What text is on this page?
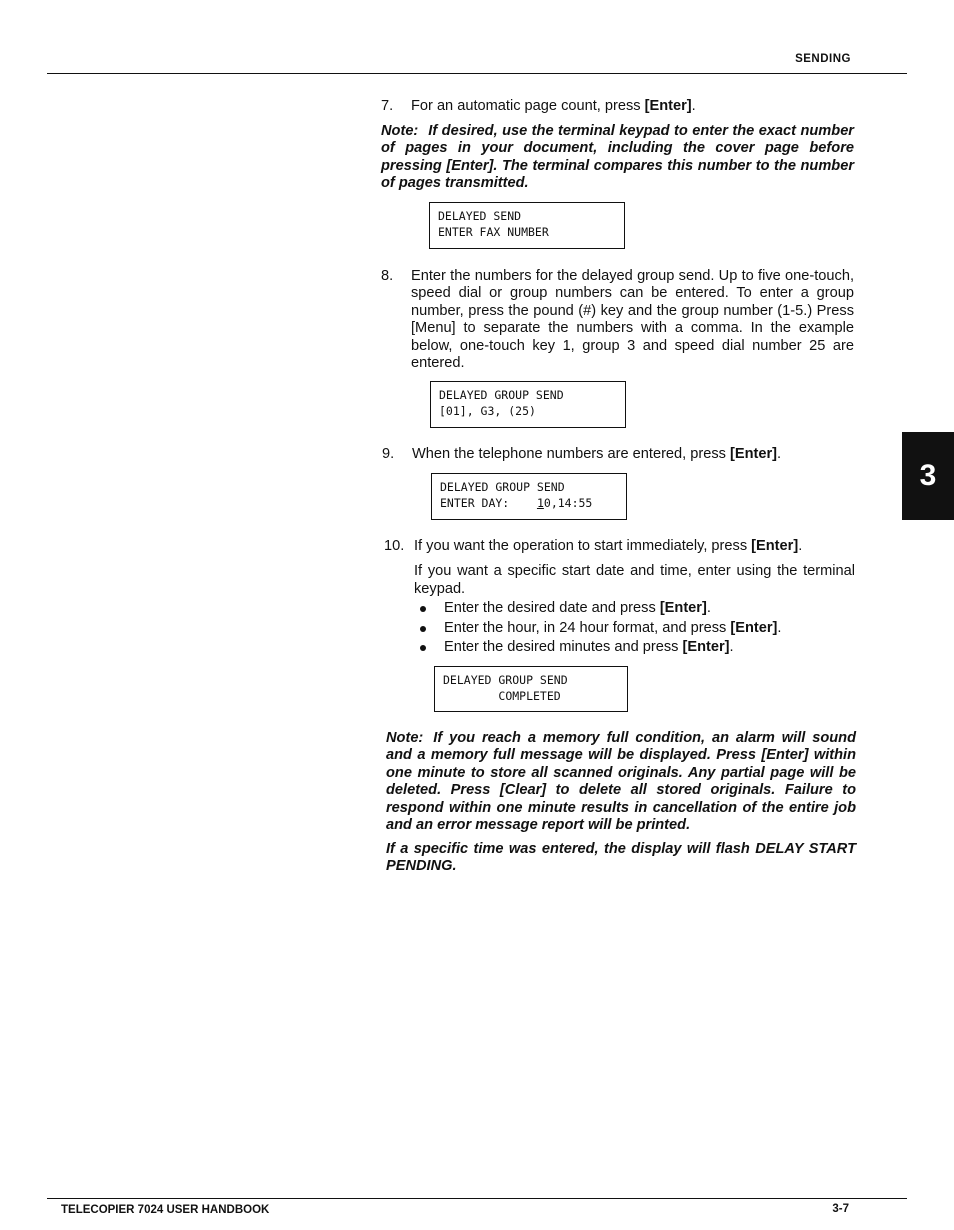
SENDING
3
7.	For an automatic page count, press [Enter].
Note: If desired, use the terminal keypad to enter the exact number of pages in your document, including the cover page before pressing [Enter]. The terminal compares this number to the number of pages transmitted.
DELAYED SEND
ENTER FAX NUMBER
8.	Enter the numbers for the delayed group send. Up to five one-touch, speed dial or group numbers can be entered. To enter a group number, press the pound (#) key and the group number (1-5.) Press [Menu] to separate the numbers with a comma. In the example below, one-touch key 1, group 3 and speed dial number 25 are entered.
DELAYED GROUP SEND
[01], G3, (25)
9.	When the telephone numbers are entered, press [Enter].
DELAYED GROUP SEND
ENTER DAY: 10,14:55
10. If you want the operation to start immediately, press [Enter].
If you want a specific start date and time, enter using the terminal keypad.
Enter the desired date and press [Enter].
Enter the hour, in 24 hour format, and press [Enter].
Enter the desired minutes and press [Enter].
DELAYED GROUP SEND
COMPLETED
Note: If you reach a memory full condition, an alarm will sound and a memory full message will be displayed. Press [Enter] within one minute to store all scanned originals. Any partial page will be deleted. Press [Clear] to delete all stored originals. Failure to respond within one minute results in cancellation of the entire job and an error message report will be printed.
If a specific time was entered, the display will flash DELAY START PENDING.
TELECOPIER 7024 USER HANDBOOK	3-7
